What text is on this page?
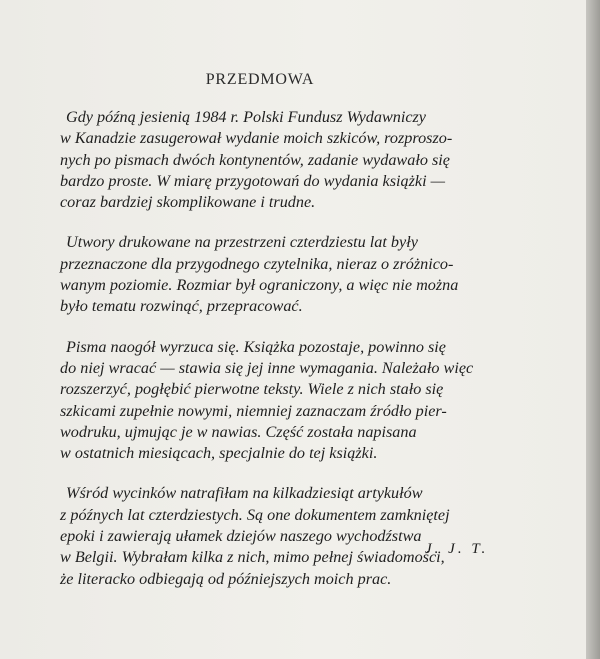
PRZEDMOWA

Gdy późną jesienią 1984 r. Polski Fundusz Wydawniczy
w Kanadzie zasugerował wydanie moich szkiców, rozproszo-
nych po pismach dwóch kontynentów, zadanie wydawało się
bardzo proste. W miarę przygotowań do wydania książki —
coraz bardziej skomplikowane i trudne.

Utwory drukowane na przestrzeni czterdziestu lat były
przeznaczone dla przygodnego czytelnika, nieraz o zróżnico-
wanym poziomie. Rozmiar był ograniczony, a więc nie można
było tematu rozwinąć, przepracować.

Pisma naogół wyrzuca się. Książka pozostaje, powinno się
do niej wracać — stawia się jej inne wymagania. Należało więc
rozszerzyć, pogłębić pierwotne teksty. Wiele z nich stało się
szkicami zupełnie nowymi, niemniej zaznaczam źródło pier-
wodruku, ujmując je w nawias. Część została napisana
w ostatnich miesiącach, specjalnie do tej książki.

Wśród wycinków natrafiłam na kilkadziesiąt artykułów
z późnych lat czterdziestych. Są one dokumentem zamkniętej
epoki i zawierają ułamek dziejów naszego wychodźstwa
w Belgii. Wybrałam kilka z nich, mimo pełnej świadomości,
że literacko odbiegają od późniejszych moich prac.

J. J. T.
